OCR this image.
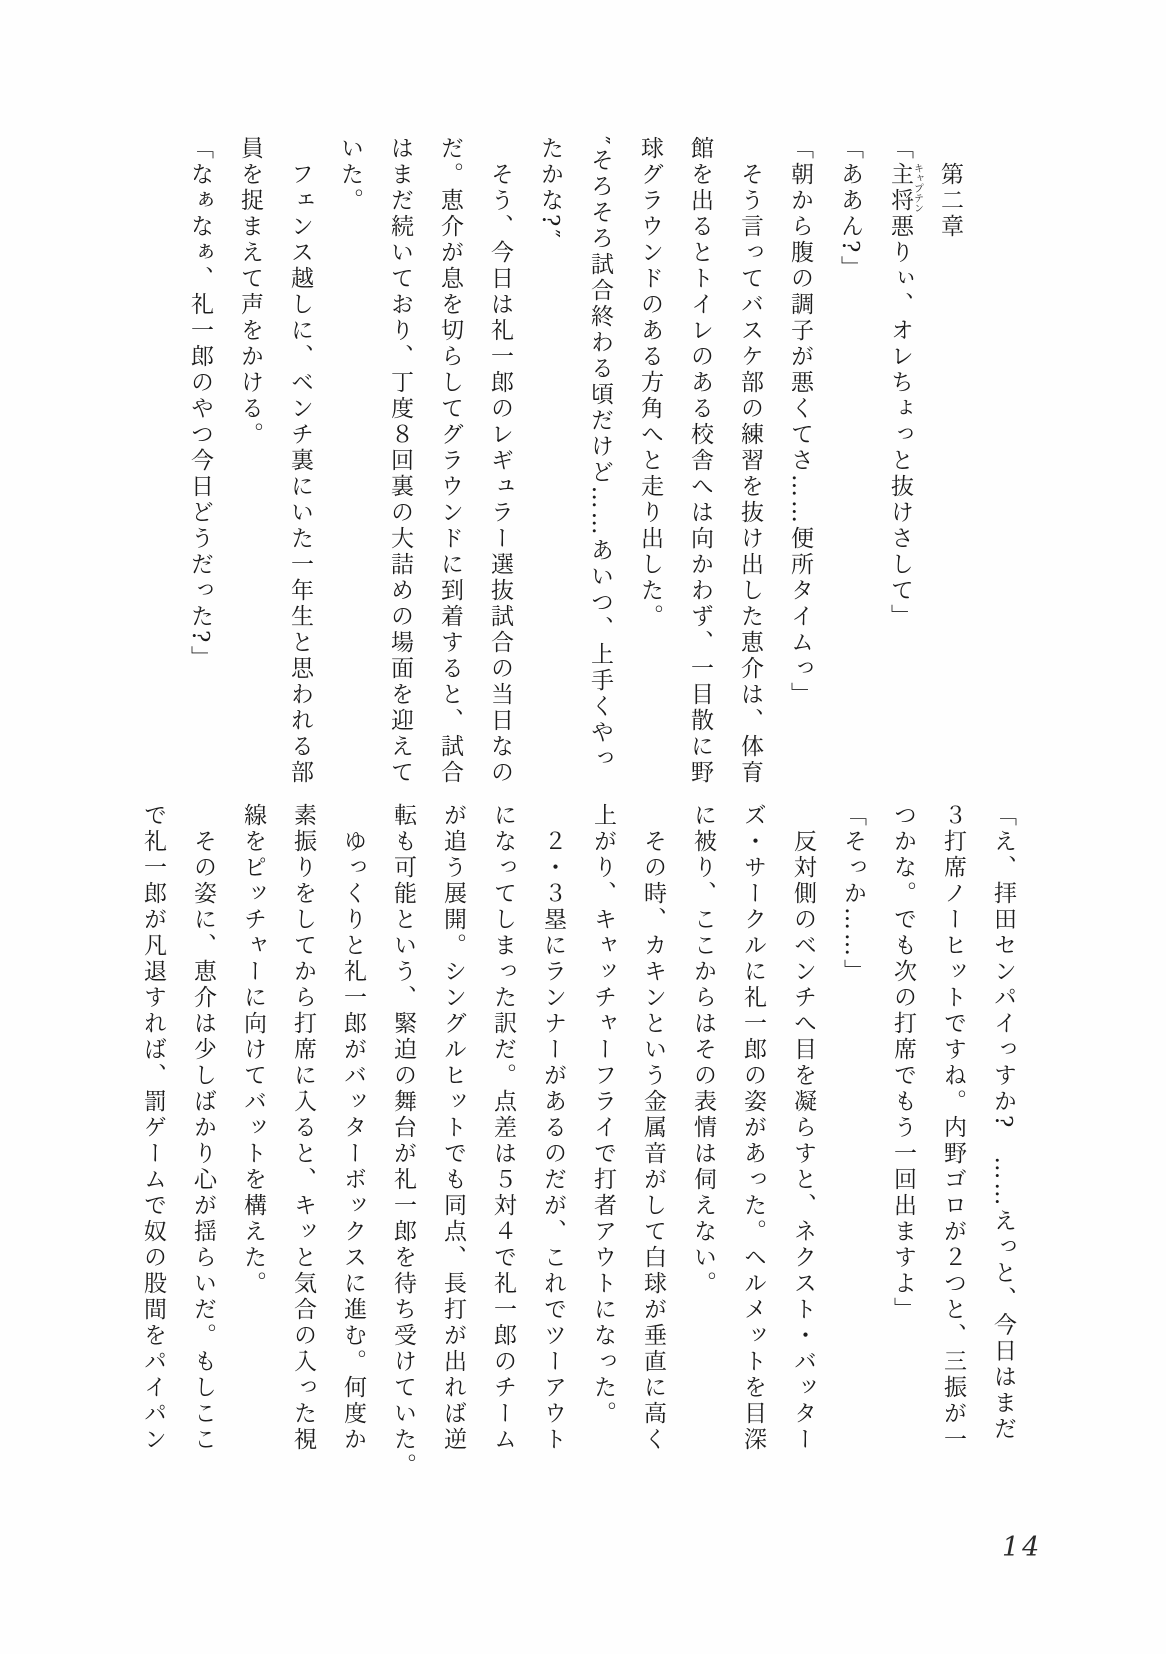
　第二章
「主将キャプテン悪りぃ、オレちょっと抜けさして」
「ああん?」
「朝から腹の調子が悪くてさ……便所タイムっ」
　そう言ってバスケ部の練習を抜け出した恵介は、体育
館を出るとトイレのある校舎へは向かわず、一目散に野
球グラウンドのある方角へと走り出した。
″そろそろ試合終わる頃だけど……あいつ、上手くやっ
たかな?″
　そう、今日は礼一郎のレギュラー選抜試合の当日なの
だ。恵介が息を切らしてグラウンドに到着すると、試合
はまだ続いており、丁度８回裏の大詰めの場面を迎えて
いた。
　フェンス越しに、ベンチ裏にいた一年生と思われる部
員を捉まえて声をかける。
「なぁなぁ、礼一郎のやつ今日どうだった?」
「え、拝田センパイっすか?　……えっと、今日はまだ
３打席ノーヒットですね。内野ゴロが２つと、三振が一
つかな。でも次の打席でもう一回出ますよ」
「そっか……」
　反対側のベンチへ目を凝らすと、ネクスト・バッター
ズ・サークルに礼一郎の姿があった。ヘルメットを目深
に被り、ここからはその表情は伺えない。
　その時、カキンという金属音がして白球が垂直に高く
上がり、キャッチャーフライで打者アウトになった。
　２・３塁にランナーがあるのだが、これでツーアウト
になってしまった訳だ。点差は５対４で礼一郎のチーム
が追う展開。シングルヒットでも同点、長打が出れば逆
転も可能という、緊迫の舞台が礼一郎を待ち受けていた。
　ゆっくりと礼一郎がバッターボックスに進む。何度か
素振りをしてから打席に入ると、キッと気合の入った視
線をピッチャーに向けてバットを構えた。
　その姿に、恵介は少しばかり心が揺らいだ。もしここ
で礼一郎が凡退すれば、罰ゲームで奴の股間をパイパン
14
